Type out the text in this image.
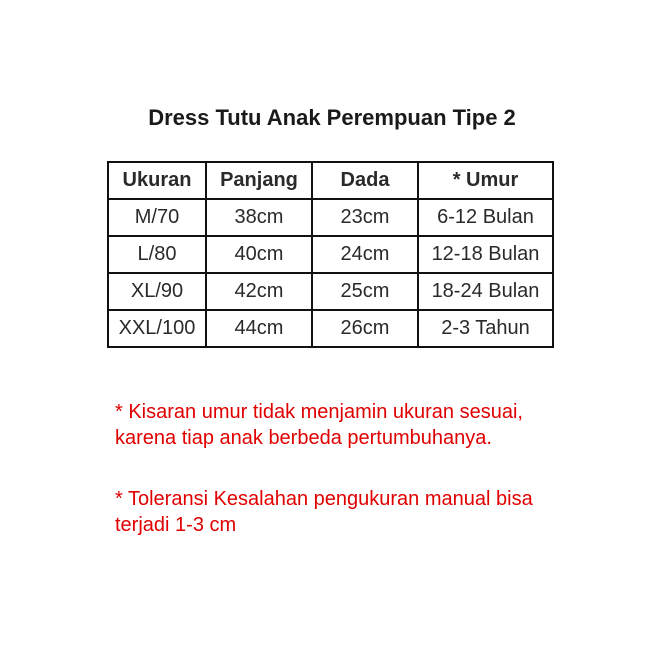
Dress Tutu Anak Perempuan Tipe 2
Ukuran	Panjang	Dada	* Umur
M/70	38cm	23cm	6-12 Bulan
L/80	40cm	24cm	12-18 Bulan
XL/90	42cm	25cm	18-24 Bulan
XXL/100	44cm	26cm	2-3 Tahun
* Kisaran umur tidak menjamin ukuran sesuai, karena tiap anak berbeda pertumbuhanya.
* Toleransi Kesalahan pengukuran manual bisa terjadi 1-3 cm
